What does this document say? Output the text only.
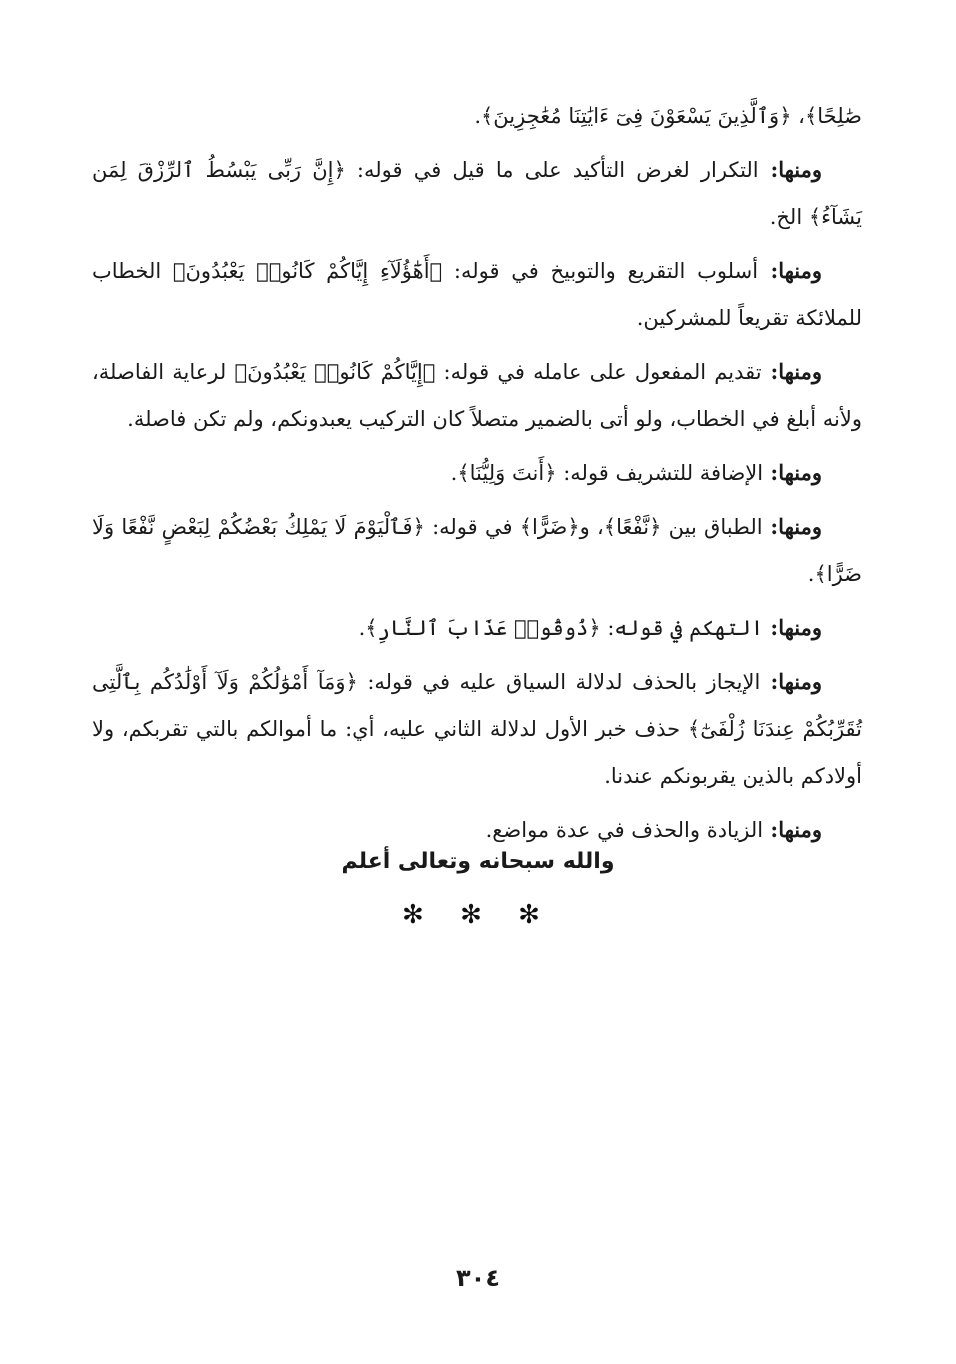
صَٰلِحًا﴾، ﴿وَٱلَّذِينَ يَسْعَوْنَ فِىٓ ءَايَٰتِنَا مُعَٰجِزِينَ﴾.

ومنها: التكرار لغرض التأكيد على ما قيل في قوله: ﴿إِنَّ رَبِّى يَبْسُطُ ٱلرِّزْقَ لِمَن يَشَآءُ﴾ الخ.

ومنها: أسلوب التقريع والتوبيخ في قوله: ﴿أَهَٰٓؤُلَآءِ إِيَّاكُمْ كَانُوا۟ يَعْبُدُونَ﴾ الخطاب للملائكة تقريعاً للمشركين.

ومنها: تقديم المفعول على عامله في قوله: ﴿إِيَّاكُمْ كَانُوا۟ يَعْبُدُونَ﴾ لرعاية الفاصلة، ولأنه أبلغ في الخطاب، ولو أتى بالضمير متصلاً كان التركيب يعبدونكم، ولم تكن فاصلة.

ومنها: الإضافة للتشريف قوله: ﴿أَنتَ وَلِيُّنَا﴾.

ومنها: الطباق بين ﴿نَّفْعًا﴾، و﴿ضَرًّا﴾ في قوله: ﴿فَٱلْيَوْمَ لَا يَمْلِكُ بَعْضُكُمْ لِبَعْضٍ نَّفْعًا وَلَا ضَرًّا﴾.

ومنها: التهكم في قوله: ﴿ذُوقُوا۟ عَذَابَ ٱلنَّارِ﴾.

ومنها: الإيجاز بالحذف لدلالة السياق عليه في قوله: ﴿وَمَآ أَمْوَٰلُكُمْ وَلَآ أَوْلَٰدُكُم بِٱلَّتِى تُقَرِّبُكُمْ عِندَنَا زُلْفَىٰٓ﴾ حذف خبر الأول لدلالة الثاني عليه، أي: ما أموالكم بالتي تقربكم، ولا أولادكم بالذين يقربونكم عندنا.

ومنها: الزيادة والحذف في عدة مواضع.

والله سبحانه وتعالى أعلم
✻ ✻ ✻
٣٠٤
